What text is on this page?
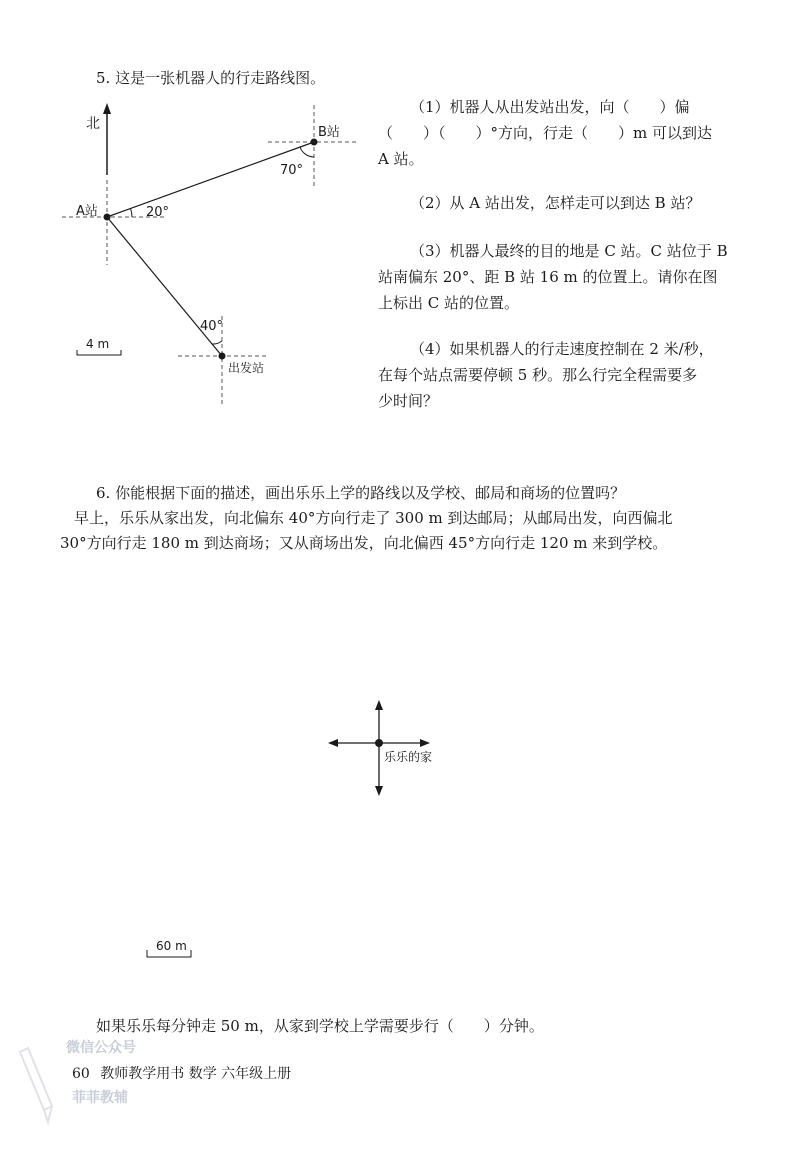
5. 这是一张机器人的行走路线图。
北
B站
70°
A站	20°
40°
出发站
4 m
（1）机器人从出发站出发，向（　　）偏
（　　）（　　）°方向，行走（　　）m 可以到达
A 站。
（2）从 A 站出发，怎样走可以到达 B 站？
（3）机器人最终的目的地是 C 站。C 站位于 B
站南偏东 20°、距 B 站 16 m 的位置上。请你在图
上标出 C 站的位置。
（4）如果机器人的行走速度控制在 2 米/秒，
在每个站点需要停顿 5 秒。那么行完全程需要多
少时间？
6. 你能根据下面的描述，画出乐乐上学的路线以及学校、邮局和商场的位置吗？
早上，乐乐从家出发，向北偏东 40°方向行走了 300 m 到达邮局；从邮局出发，向西偏北
30°方向行走 180 m 到达商场；又从商场出发，向北偏西 45°方向行走 120 m 来到学校。
乐乐的家
60 m
如果乐乐每分钟走 50 m，从家到学校上学需要步行（　　）分钟。
微信公众号
菲菲教辅
60 教师教学用书 数学 六年级上册
